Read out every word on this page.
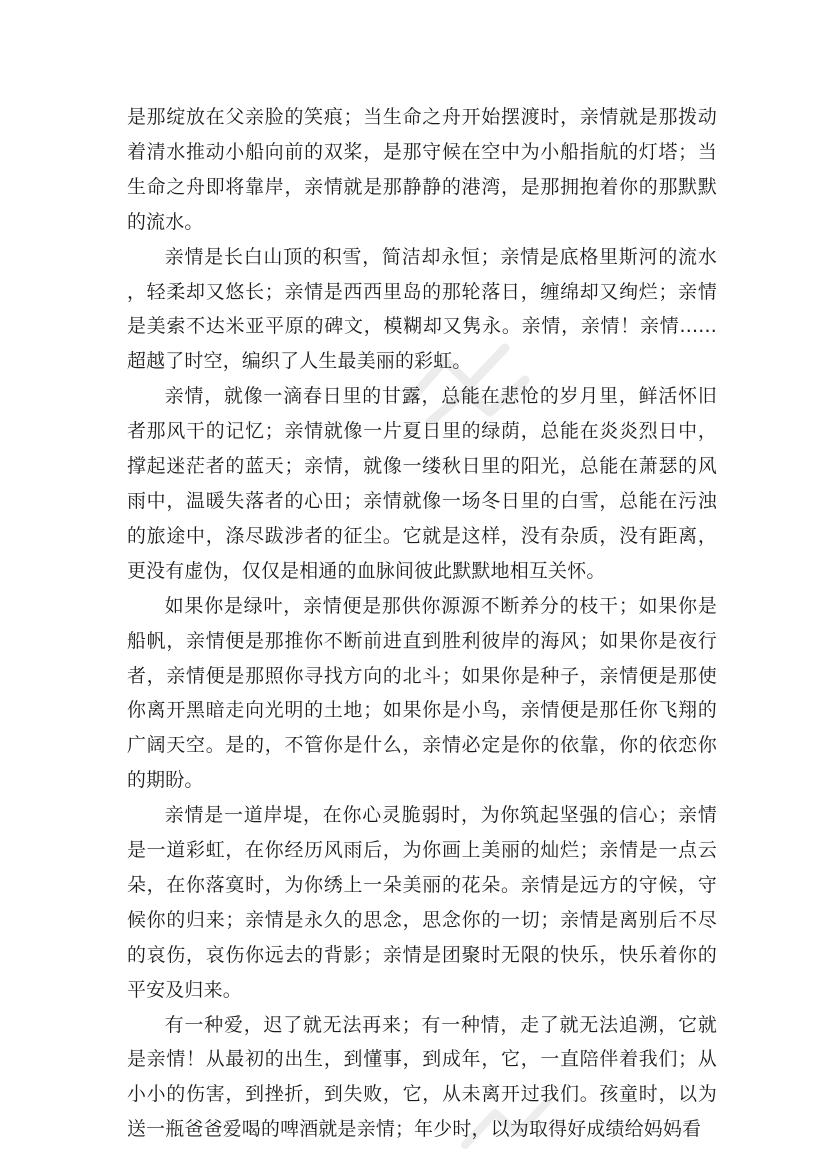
是那绽放在父亲脸的笑痕；当生命之舟开始摆渡时，亲情就是那拨动着清水推动小船向前的双桨，是那守候在空中为小船指航的灯塔；当生命之舟即将靠岸，亲情就是那静静的港湾，是那拥抱着你的那默默的流水。

亲情是长白山顶的积雪，简洁却永恒；亲情是底格里斯河的流水，轻柔却又悠长；亲情是西西里岛的那轮落日，缠绵却又绚烂；亲情是美索不达米亚平原的碑文，模糊却又隽永。亲情，亲情！亲情......超越了时空，编织了人生最美丽的彩虹。

亲情，就像一滴春日里的甘露，总能在悲怆的岁月里，鲜活怀旧者那风干的记忆；亲情就像一片夏日里的绿荫，总能在炎炎烈日中，撑起迷茫者的蓝天；亲情，就像一缕秋日里的阳光，总能在萧瑟的风雨中，温暖失落者的心田；亲情就像一场冬日里的白雪，总能在污浊的旅途中，涤尽跋涉者的征尘。它就是这样，没有杂质，没有距离，更没有虚伪，仅仅是相通的血脉间彼此默默地相互关怀。

如果你是绿叶，亲情便是那供你源源不断养分的枝干；如果你是船帆，亲情便是那推你不断前进直到胜利彼岸的海风；如果你是夜行者，亲情便是那照你寻找方向的北斗；如果你是种子，亲情便是那使你离开黑暗走向光明的土地；如果你是小鸟，亲情便是那任你飞翔的广阔天空。是的，不管你是什么，亲情必定是你的依靠，你的依恋你的期盼。

亲情是一道岸堤，在你心灵脆弱时，为你筑起坚强的信心；亲情是一道彩虹，在你经历风雨后，为你画上美丽的灿烂；亲情是一点云朵，在你落寞时，为你绣上一朵美丽的花朵。亲情是远方的守候，守候你的归来；亲情是永久的思念，思念你的一切；亲情是离别后不尽的哀伤，哀伤你远去的背影；亲情是团聚时无限的快乐，快乐着你的平安及归来。

有一种爱，迟了就无法再来；有一种情，走了就无法追溯，它就是亲情！从最初的出生，到懂事，到成年，它，一直陪伴着我们；从小小的伤害，到挫折，到失败，它，从未离开过我们。孩童时，以为送一瓶爸爸爱喝的啤酒就是亲情；年少时，以为取得好成绩给妈妈看
